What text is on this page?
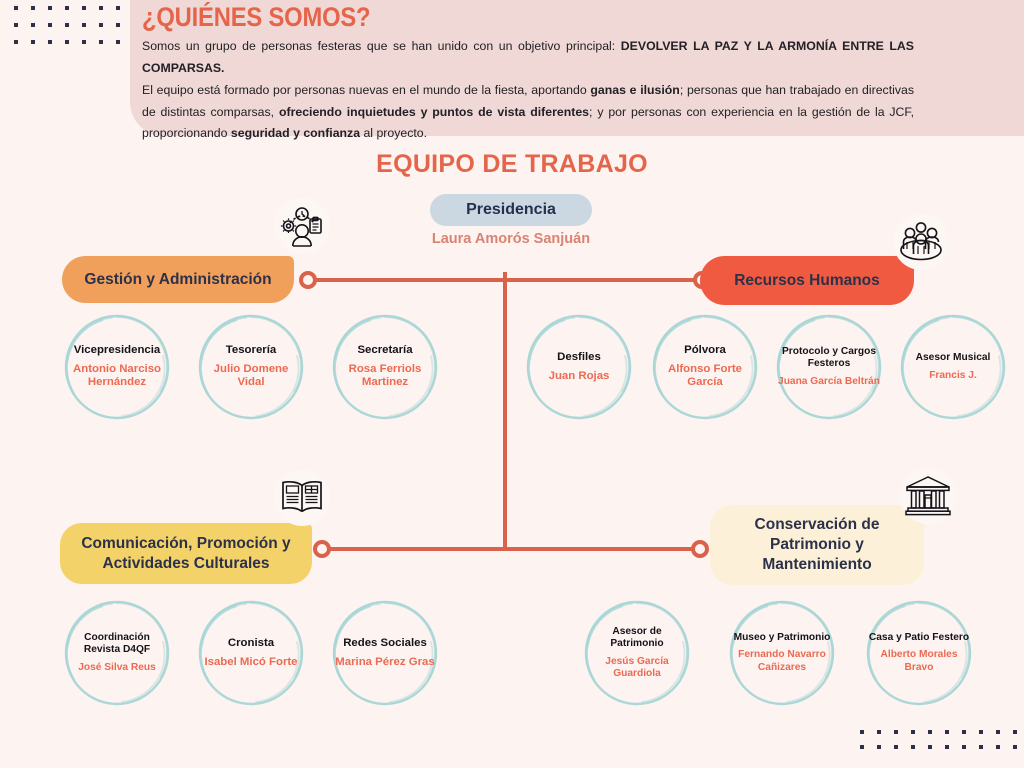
¿QUIÉNES SOMOS?

Somos un grupo de personas festeras que se han unido con un objetivo principal: DEVOLVER LA PAZ Y LA ARMONÍA ENTRE LAS COMPARSAS.

El equipo está formado por personas nuevas en el mundo de la fiesta, aportando ganas e ilusión; personas que han trabajado en directivas de distintas comparsas, ofreciendo inquietudes y puntos de vista diferentes; y por personas con experiencia en la gestión de la JCF, proporcionando seguridad y confianza al proyecto.

EQUIPO DE TRABAJO
Presidencia
Laura Amorós Sanjuán
Gestión y Administración	Recursos Humanos
Comunicación, Promoción y Actividades Culturales
Conservación de Patrimonio y Mantenimiento
Vicepresidencia
Antonio Narciso Hernández
Tesorería
Julio Domene Vidal
Secretaría
Rosa Ferriols Martinez
Desfiles
Juan Rojas
Pólvora
Alfonso Forte García
Protocolo y Cargos Festeros
Juana García Beltrán
Asesor Musical
Francis J.
Coordinación Revista D4QF
José Silva Reus
Cronista
Isabel Micó Forte
Redes Sociales
Marina Pérez Gras
Asesor de Patrimonio
Jesús García Guardiola
Museo y Patrimonio
Fernando Navarro Cañizares
Casa y Patio Festero
Alberto Morales Bravo
